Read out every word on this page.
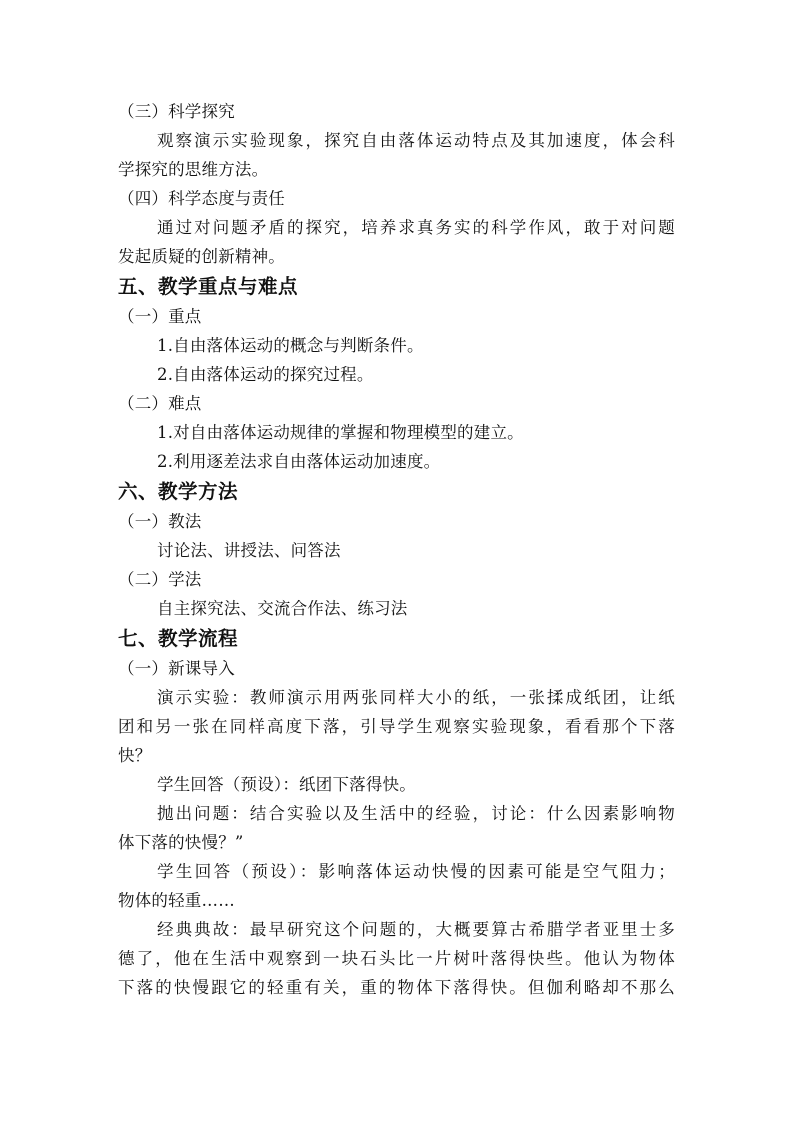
（三）科学探究
观察演示实验现象，探究自由落体运动特点及其加速度，体会科
学探究的思维方法。
（四）科学态度与责任
通过对问题矛盾的探究，培养求真务实的科学作风，敢于对问题
发起质疑的创新精神。
五、教学重点与难点
（一）重点
1.自由落体运动的概念与判断条件。
2.自由落体运动的探究过程。
（二）难点
1.对自由落体运动规律的掌握和物理模型的建立。
2.利用逐差法求自由落体运动加速度。
六、教学方法
（一）教法
讨论法、讲授法、问答法
（二）学法
自主探究法、交流合作法、练习法
七、教学流程
（一）新课导入
演示实验：教师演示用两张同样大小的纸，一张揉成纸团，让纸
团和另一张在同样高度下落，引导学生观察实验现象，看看那个下落
快？
学生回答（预设）：纸团下落得快。
抛出问题：结合实验以及生活中的经验，讨论：什么因素影响物
体下落的快慢？”
学生回答（预设）：影响落体运动快慢的因素可能是空气阻力；
物体的轻重……
经典典故：最早研究这个问题的，大概要算古希腊学者亚里士多
德了，他在生活中观察到一块石头比一片树叶落得快些。他认为物体
下落的快慢跟它的轻重有关，重的物体下落得快。但伽利略却不那么
